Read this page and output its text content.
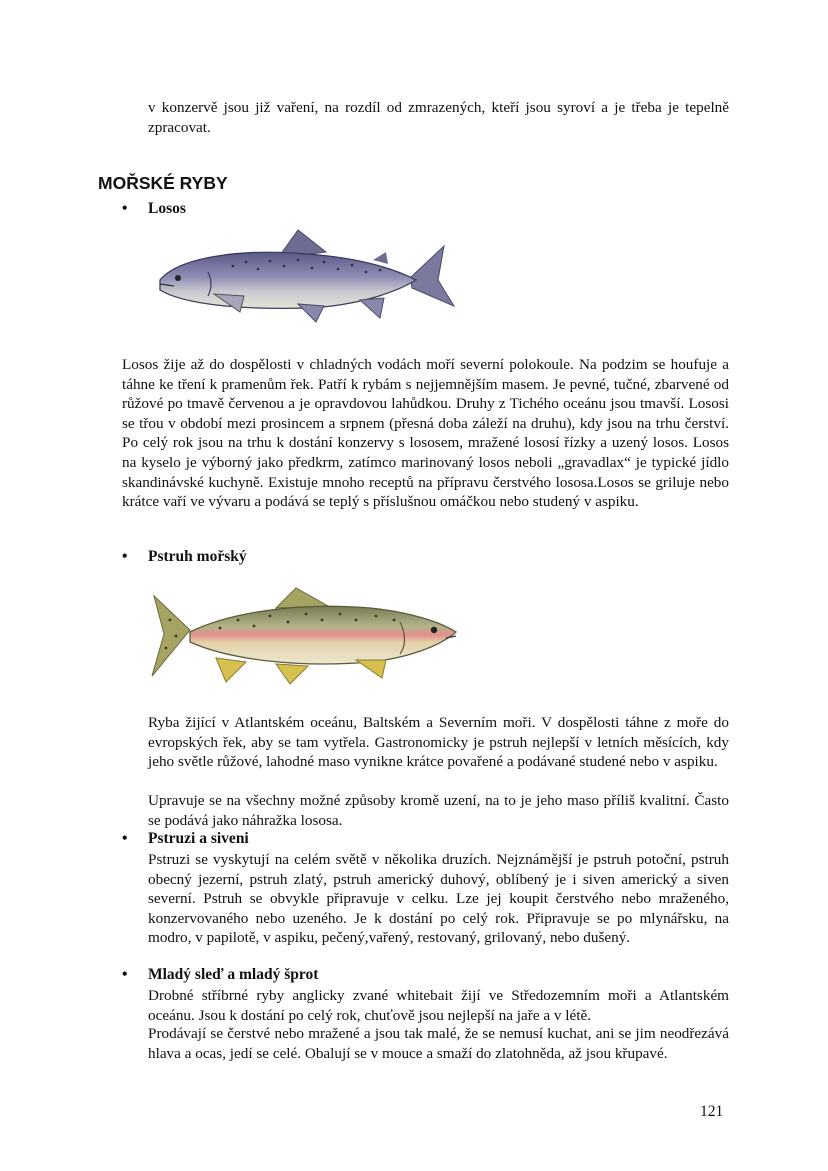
v konzervě jsou již vaření, na rozdíl od zmrazených, kteří jsou syroví a je třeba je tepelně zpracovat.
MOŘSKÉ RYBY
• Losos
Losos žije až do dospělosti v chladných vodách moří severní polokoule. Na podzim se houfuje a táhne ke tření k pramenům řek. Patří k rybám s nejjemnějším masem. Je pevné, tučné, zbarvené od růžové po tmavě červenou a je opravdovou lahůdkou. Druhy z Tichého oceánu jsou tmavší. Lososi se třou v období mezi prosincem a srpnem (přesná doba záleží na druhu), kdy jsou na trhu čerství. Po celý rok jsou na trhu k dostání konzervy s lososem, mražené lososí řízky a uzený losos. Losos na kyselo je výborný jako předkrm, zatímco marinovaný losos neboli „gravadlax“ je typické jídlo skandinávské kuchyně. Existuje mnoho receptů na přípravu čerstvého lososa.Losos se griluje nebo krátce vaří ve vývaru a podává se teplý s příslušnou omáčkou nebo studený v aspiku.
• Pstruh mořský
Ryba žijící v Atlantském oceánu, Baltském a Severním moři. V dospělosti táhne z moře do evropských řek, aby se tam vytřela. Gastronomicky je pstruh nejlepší v letních měsících, kdy jeho světle růžové, lahodné maso vynikne krátce povařené a podávané studené nebo v aspiku.
Upravuje se na všechny možné způsoby kromě uzení, na to je jeho maso příliš kvalitní. Často se podává jako náhražka lososa.
• Pstruzi a siveni
Pstruzi se vyskytují na celém světě v několika druzích. Nejznámější je pstruh potoční, pstruh obecný jezerní, pstruh zlatý, pstruh americký duhový, oblíbený je i siven americký a siven severní. Pstruh se obvykle připravuje v celku. Lze jej koupit čerstvého nebo mraženého, konzervovaného nebo uzeného. Je k dostání po celý rok. Připravuje se po mlynářsku, na modro, v papilotě, v aspiku, pečený,vařený, restovaný, grilovaný, nebo dušený.
• Mladý sleď a mladý šprot
Drobné stříbrné ryby anglicky zvané whitebait žijí ve Středozemním moři a Atlantském oceánu. Jsou k dostání po celý rok, chuťově jsou nejlepší na jaře a v létě.
Prodávají se čerstvé nebo mražené a jsou tak malé, že se nemusí kuchat, ani se jim neodřezává hlava a ocas, jedí se celé. Obalují se v mouce a smaží do zlatohněda, až jsou křupavé.
121
